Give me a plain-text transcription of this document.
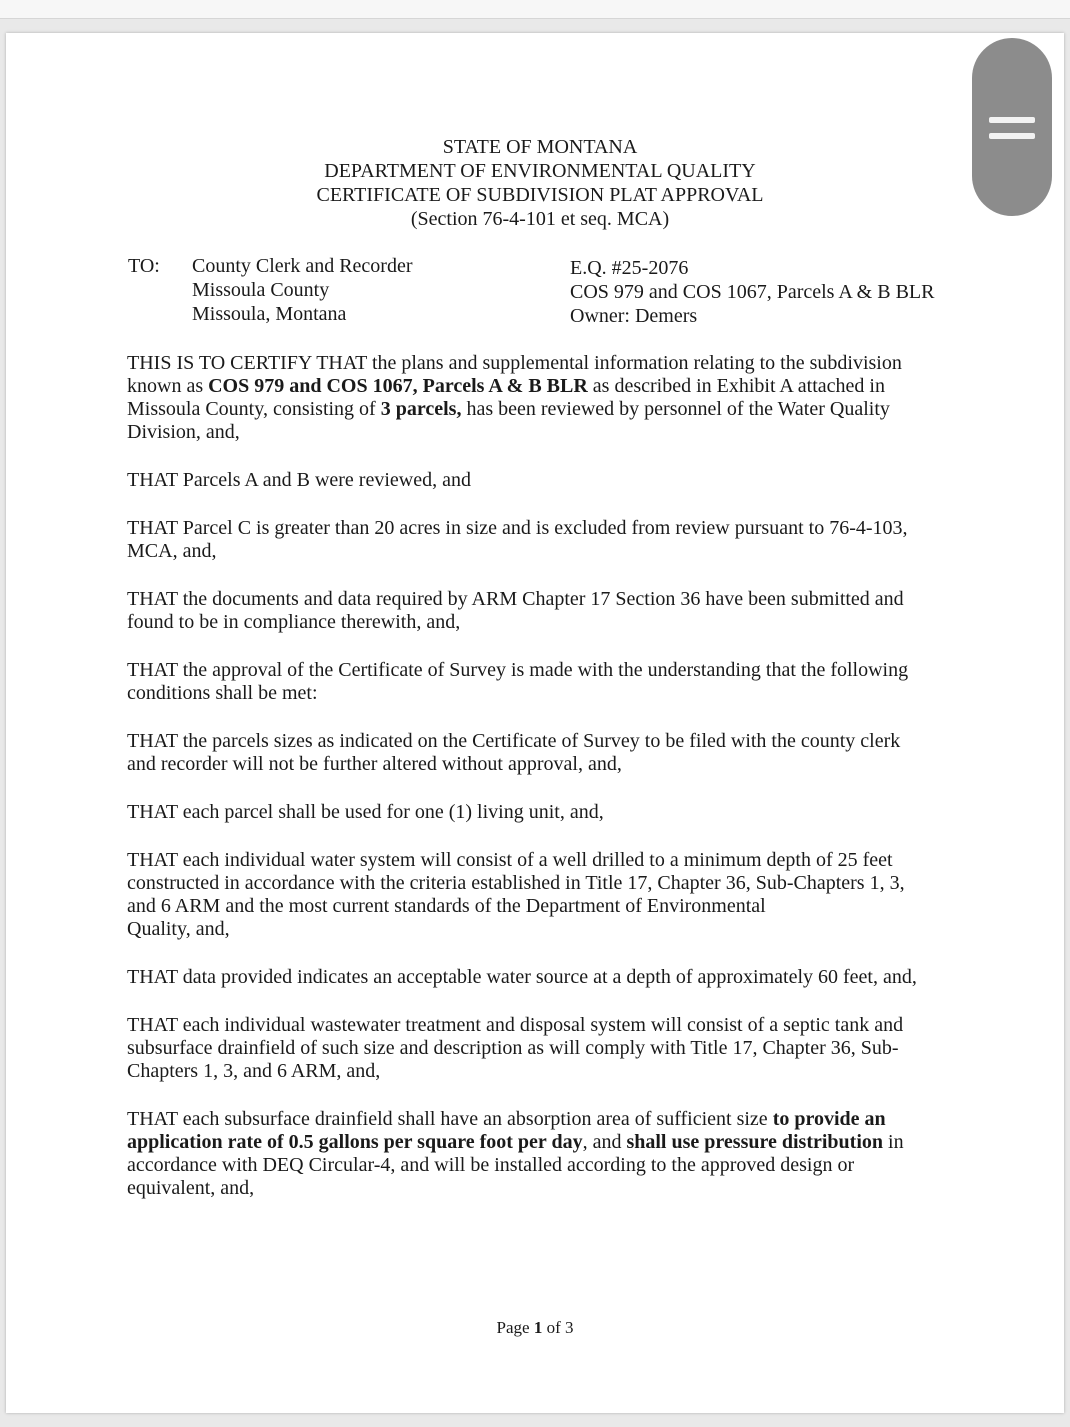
STATE OF MONTANA
DEPARTMENT OF ENVIRONMENTAL QUALITY
CERTIFICATE OF SUBDIVISION PLAT APPROVAL
(Section 76-4-101 et seq. MCA)
TO: County Clerk and Recorder
Missoula County
Missoula, Montana
E.Q. #25-2076
COS 979 and COS 1067, Parcels A & B BLR
Owner: Demers

THIS IS TO CERTIFY THAT the plans and supplemental information relating to the subdivision known as COS 979 and COS 1067, Parcels A & B BLR as described in Exhibit A attached in Missoula County, consisting of 3 parcels, has been reviewed by personnel of the Water Quality Division, and,

THAT Parcels A and B were reviewed, and

THAT Parcel C is greater than 20 acres in size and is excluded from review pursuant to 76-4-103, MCA, and,

THAT the documents and data required by ARM Chapter 17 Section 36 have been submitted and found to be in compliance therewith, and,

THAT the approval of the Certificate of Survey is made with the understanding that the following conditions shall be met:

THAT the parcels sizes as indicated on the Certificate of Survey to be filed with the county clerk and recorder will not be further altered without approval, and,

THAT each parcel shall be used for one (1) living unit, and,

THAT each individual water system will consist of a well drilled to a minimum depth of 25 feet constructed in accordance with the criteria established in Title 17, Chapter 36, Sub-Chapters 1, 3, and 6 ARM and the most current standards of the Department of Environmental
Quality, and,

THAT data provided indicates an acceptable water source at a depth of approximately 60 feet, and,

THAT each individual wastewater treatment and disposal system will consist of a septic tank and subsurface drainfield of such size and description as will comply with Title 17, Chapter 36, Sub-Chapters 1, 3, and 6 ARM, and,

THAT each subsurface drainfield shall have an absorption area of sufficient size to provide an application rate of 0.5 gallons per square foot per day, and shall use pressure distribution in accordance with DEQ Circular-4, and will be installed according to the approved design or equivalent, and,

Page 1 of 3
